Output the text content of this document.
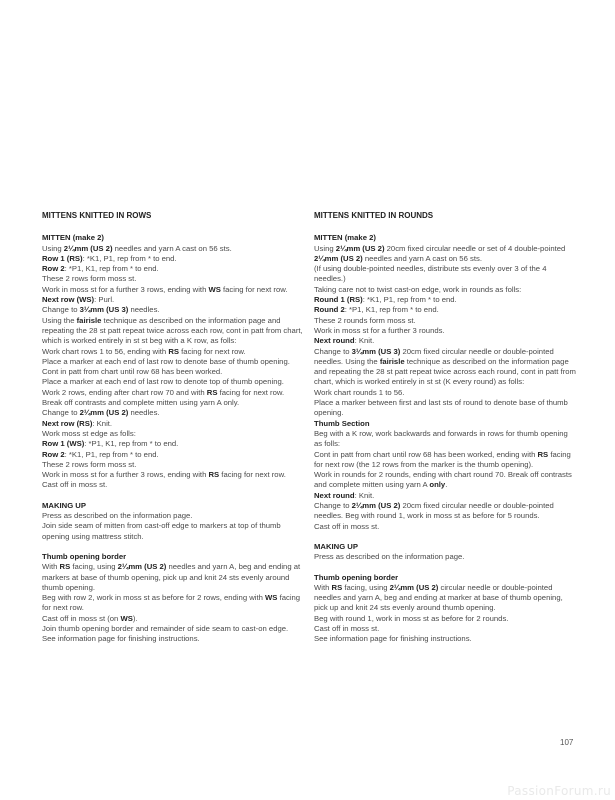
MITTENS KNITTED IN ROWS
MITTEN (make 2)
Using 2¼mm (US 2) needles and yarn A cast on 56 sts.
Row 1 (RS): *K1, P1, rep from * to end.
Row 2: *P1, K1, rep from * to end.
These 2 rows form moss st.
Work in moss st for a further 3 rows, ending with WS facing for next row.
Next row (WS): Purl.
Change to 3¼mm (US 3) needles.
Using the fairisle technique as described on the information page and repeating the 28 st patt repeat twice across each row, cont in patt from chart, which is worked entirely in st st beg with a K row, as folls:
Work chart rows 1 to 56, ending with RS facing for next row.
Place a marker at each end of last row to denote base of thumb opening.
Cont in patt from chart until row 68 has been worked.
Place a marker at each end of last row to denote top of thumb opening.
Work 2 rows, ending after chart row 70 and with RS facing for next row. Break off contrasts and complete mitten using yarn A only.
Change to 2¼mm (US 2) needles.
Next row (RS): Knit.
Work moss st edge as folls:
Row 1 (WS): *P1, K1, rep from * to end.
Row 2: *K1, P1, rep from * to end.
These 2 rows form moss st.
Work in moss st for a further 3 rows, ending with RS facing for next row.
Cast off in moss st.
MAKING UP
Press as described on the information page.
Join side seam of mitten from cast-off edge to markers at top of thumb opening using mattress stitch.
Thumb opening border
With RS facing, using 2¼mm (US 2) needles and yarn A, beg and ending at markers at base of thumb opening, pick up and knit 24 sts evenly around thumb opening.
Beg with row 2, work in moss st as before for 2 rows, ending with WS facing for next row.
Cast off in moss st (on WS).
Join thumb opening border and remainder of side seam to cast-on edge.
See information page for finishing instructions.
MITTENS KNITTED IN ROUNDS
MITTEN (make 2)
Using 2¼mm (US 2) 20cm fixed circular needle or set of 4 double-pointed 2¼mm (US 2) needles and yarn A cast on 56 sts.
(If using double-pointed needles, distribute sts evenly over 3 of the 4 needles.)
Taking care not to twist cast-on edge, work in rounds as folls:
Round 1 (RS): *K1, P1, rep from * to end.
Round 2: *P1, K1, rep from * to end.
These 2 rounds form moss st.
Work in moss st for a further 3 rounds.
Next round: Knit.
Change to 3¼mm (US 3) 20cm fixed circular needle or double-pointed needles. Using the fairisle technique as described on the information page and repeating the 28 st patt repeat twice across each round, cont in patt from chart, which is worked entirely in st st (K every round) as folls:
Work chart rounds 1 to 56.
Place a marker between first and last sts of round to denote base of thumb opening.
Thumb Section
Beg with a K row, work backwards and forwards in rows for thumb opening as folls:
Cont in patt from chart until row 68 has been worked, ending with RS facing for next row (the 12 rows from the marker is the thumb opening).
Work in rounds for 2 rounds, ending with chart round 70. Break off contrasts and complete mitten using yarn A only.
Next round: Knit.
Change to 2¼mm (US 2) 20cm fixed circular needle or double-pointed needles. Beg with round 1, work in moss st as before for 5 rounds.
Cast off in moss st.
MAKING UP
Press as described on the information page.
Thumb opening border
With RS facing, using 2¼mm (US 2) circular needle or double-pointed needles and yarn A, beg and ending at marker at base of thumb opening, pick up and knit 24 sts evenly around thumb opening.
Beg with round 1, work in moss st as before for 2 rounds.
Cast off in moss st.
See information page for finishing instructions.
107
PassionForum.ru
